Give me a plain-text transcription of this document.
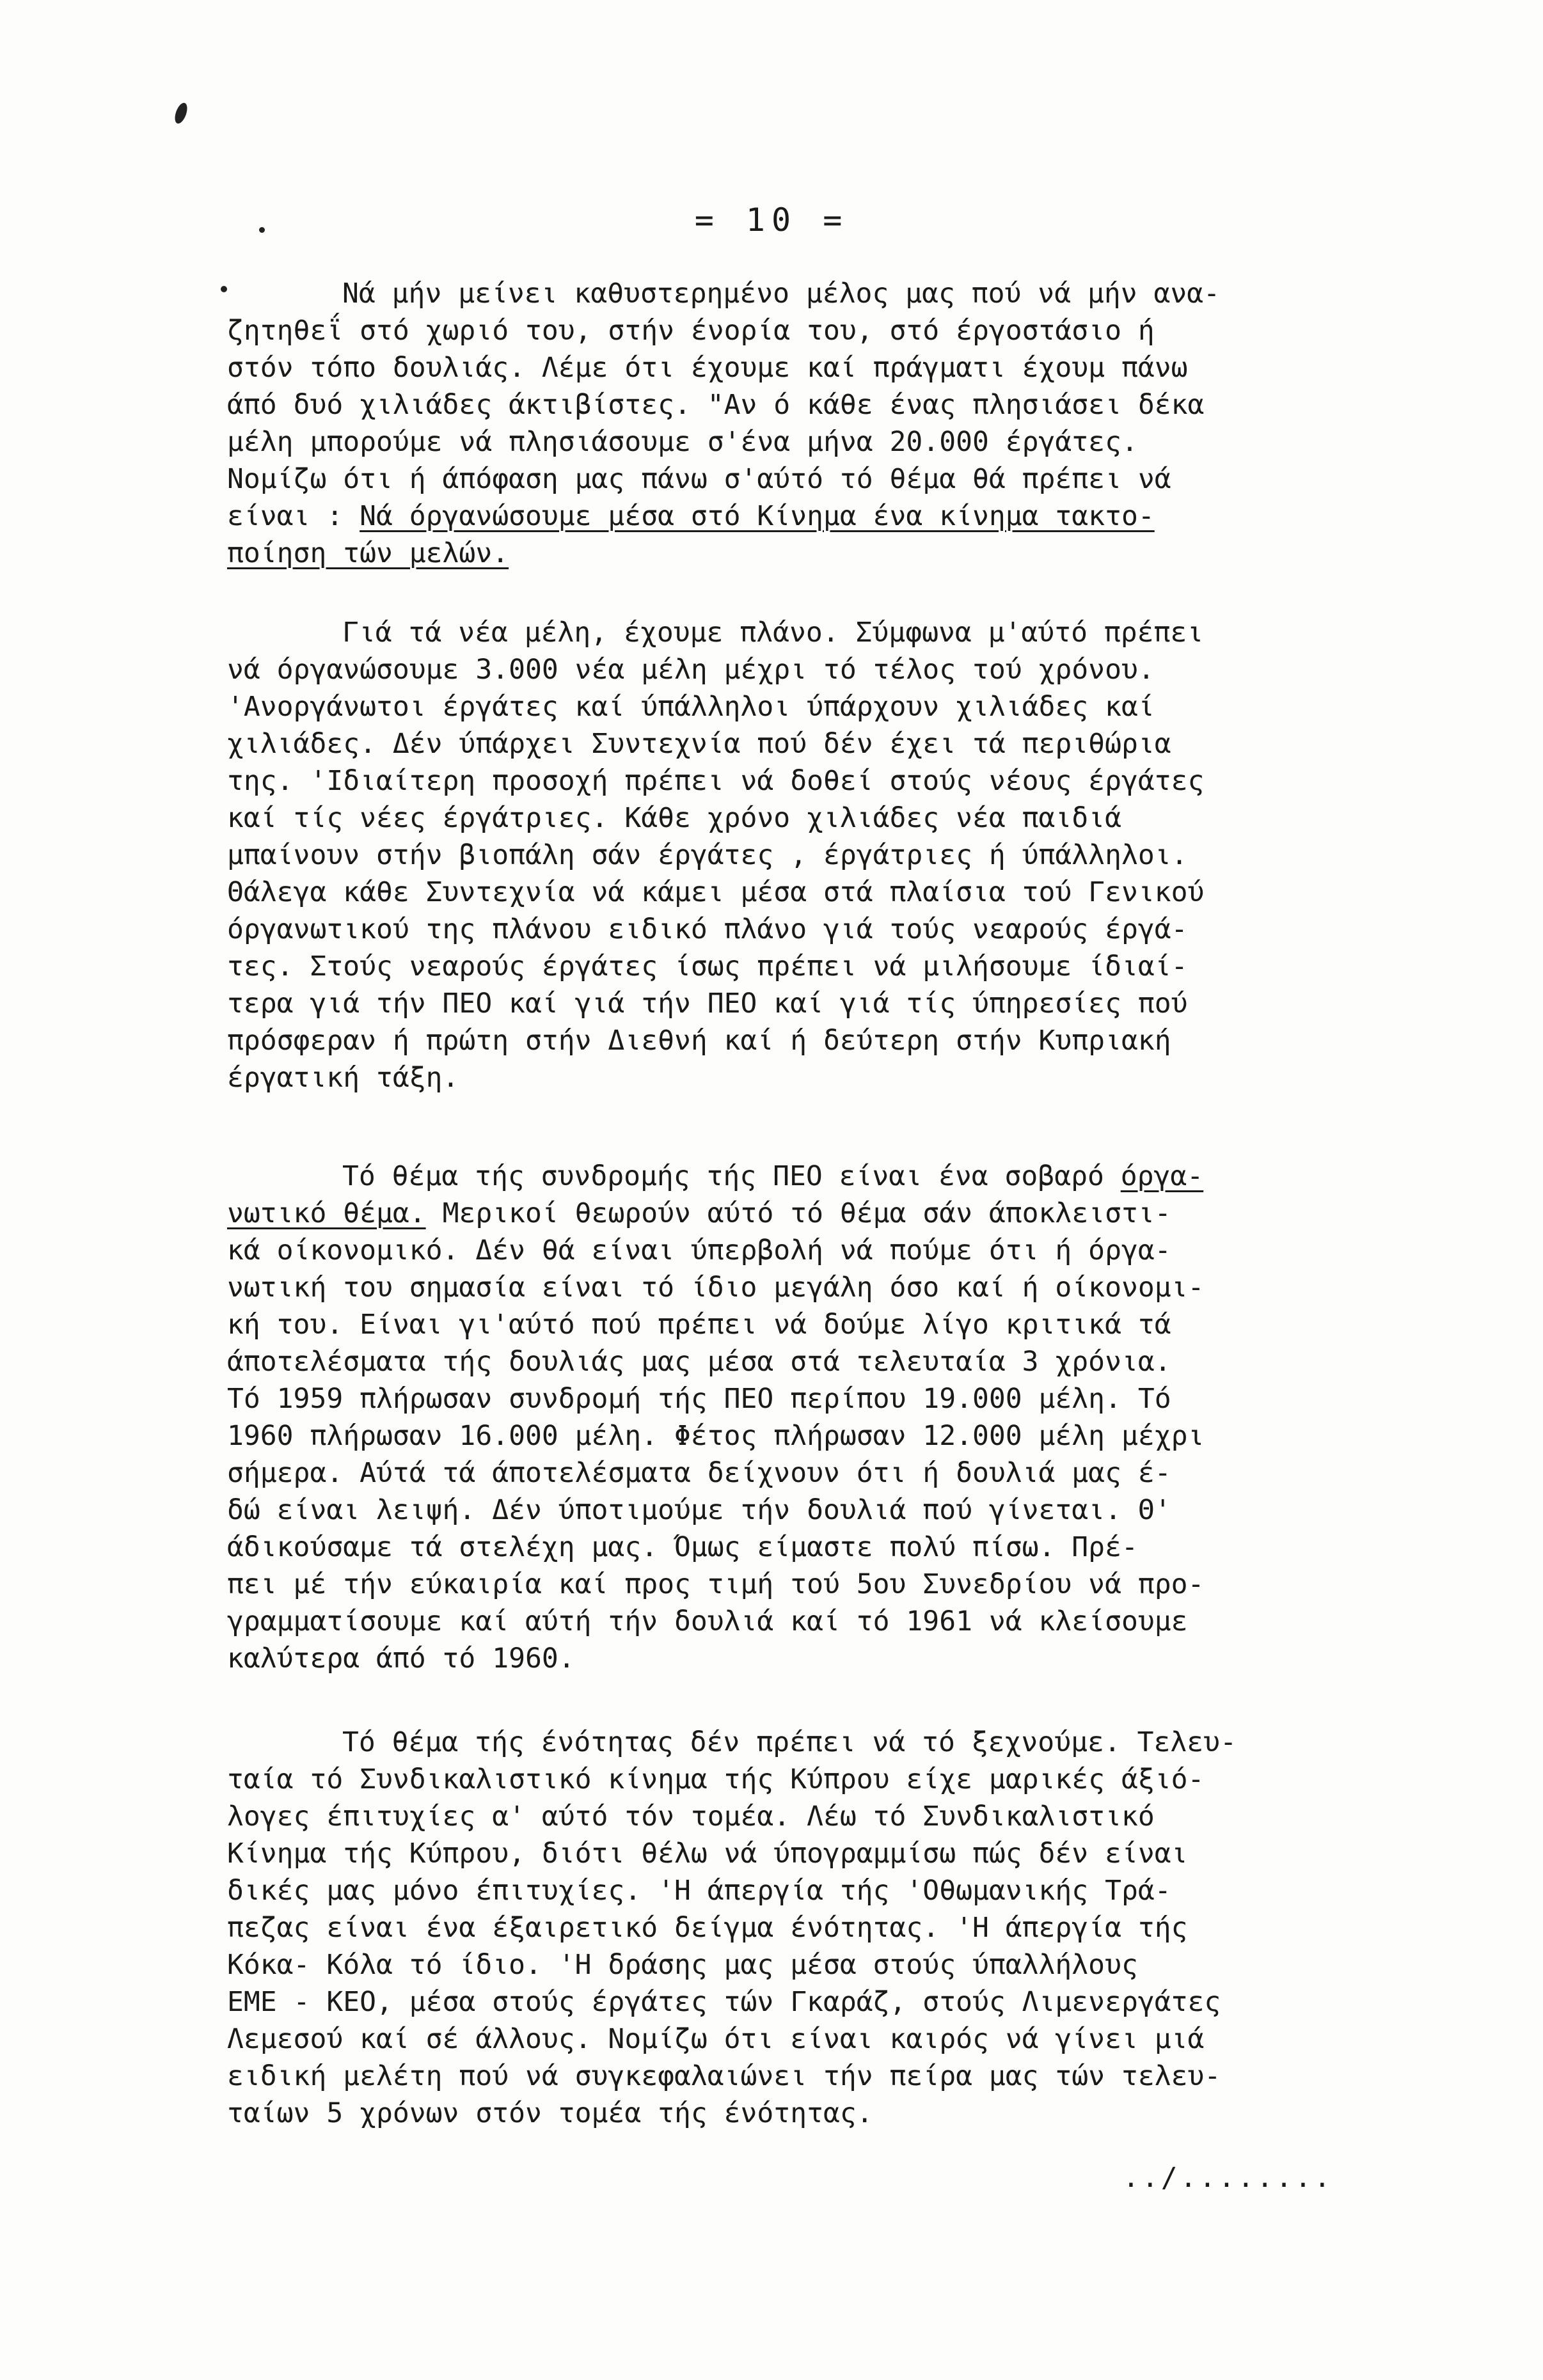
= 10 =
Νά μήν μείνει καθυστερημένο μέλος μας πού νά μήν ανα-
ζητηθεΐ στό χωριό του, στήν ένορία του, στό έργοστάσιο ή
στόν τόπο δουλιάς. Λέμε ότι έχουμε καί πράγματι έχουμ πάνω
άπό δυό χιλιάδες άκτιβίστες. "Αν ό κάθε ένας πλησιάσει δέκα
μέλη μπορούμε νά πλησιάσουμε σ'ένα μήνα 20.000 έργάτες.
Νομίζω ότι ή άπόφαση μας πάνω σ'αύτό τό θέμα θά πρέπει νά
είναι : Νά όργανώσουμε μέσα στό Κίνημα ένα κίνημα τακτο-
ποίηση τών μελών.
Γιά τά νέα μέλη, έχουμε πλάνο. Σύμφωνα μ'αύτό πρέπει
νά όργανώσουμε 3.000 νέα μέλη μέχρι τό τέλος τού χρόνου.
'Ανοργάνωτοι έργάτες καί ύπάλληλοι ύπάρχουν χιλιάδες καί
χιλιάδες. Δέν ύπάρχει Συντεχνία πού δέν έχει τά περιθώρια
της. 'Ιδιαίτερη προσοχή πρέπει νά δοθεί στούς νέους έργάτες
καί τίς νέες έργάτριες. Κάθε χρόνο χιλιάδες νέα παιδιά
μπαίνουν στήν βιοπάλη σάν έργάτες , έργάτριες ή ύπάλληλοι.
Θάλεγα κάθε Συντεχνία νά κάμει μέσα στά πλαίσια τού Γενικού
όργανωτικού της πλάνου ειδικό πλάνο γιά τούς νεαρούς έργά-
τες. Στούς νεαρούς έργάτες ίσως πρέπει νά μιλήσουμε ίδιαί-
τερα γιά τήν ΠΕΟ καί γιά τήν ΠΕΟ καί γιά τίς ύπηρεσίες πού
πρόσφεραν ή πρώτη στήν Διεθνή καί ή δεύτερη στήν Κυπριακή
έργατική τάξη.
Τό θέμα τής συνδρομής τής ΠΕΟ είναι ένα σοβαρό όργα-
νωτικό θέμα. Μερικοί θεωρούν αύτό τό θέμα σάν άποκλειστι-
κά οίκονομικό. Δέν θά είναι ύπερβολή νά πούμε ότι ή όργα-
νωτική του σημασία είναι τό ίδιο μεγάλη όσο καί ή οίκονομι-
κή του. Είναι γι'αύτό πού πρέπει νά δούμε λίγο κριτικά τά
άποτελέσματα τής δουλιάς μας μέσα στά τελευταία 3 χρόνια.
Τό 1959 πλήρωσαν συνδρομή τής ΠΕΟ περίπου 19.000 μέλη. Τό
1960 πλήρωσαν 16.000 μέλη. Φέτος πλήρωσαν 12.000 μέλη μέχρι
σήμερα. Αύτά τά άποτελέσματα δείχνουν ότι ή δουλιά μας έ-
δώ είναι λειψή. Δέν ύποτιμούμε τήν δουλιά πού γίνεται. Θ'
άδικούσαμε τά στελέχη μας. Όμως είμαστε πολύ πίσω. Πρέ-
πει μέ τήν εύκαιρία καί προς τιμή τού 5ου Συνεδρίου νά προ-
γραμματίσουμε καί αύτή τήν δουλιά καί τό 1961 νά κλείσουμε
καλύτερα άπό τό 1960.
Τό θέμα τής ένότητας δέν πρέπει νά τό ξεχνούμε. Τελευ-
ταία τό Συνδικαλιστικό κίνημα τής Κύπρου είχε μαρικές άξιό-
λογες έπιτυχίες α' αύτό τόν τομέα. Λέω τό Συνδικαλιστικό
Κίνημα τής Κύπρου, διότι θέλω νά ύπογραμμίσω πώς δέν είναι
δικές μας μόνο έπιτυχίες. 'Η άπεργία τής 'Οθωμανικής Τρά-
πεζας είναι ένα έξαιρετικό δείγμα ένότητας. 'Η άπεργία τής
Κόκα- Κόλα τό ίδιο. 'Η δράσης μας μέσα στούς ύπαλλήλους
ΕΜΕ - ΚΕΟ, μέσα στούς έργάτες τών Γκαράζ, στούς Λιμενεργάτες
Λεμεσού καί σέ άλλους. Νομίζω ότι είναι καιρός νά γίνει μιά
ειδική μελέτη πού νά συγκεφαλαιώνει τήν πείρα μας τών τελευ-
ταίων 5 χρόνων στόν τομέα τής ένότητας.
../........
